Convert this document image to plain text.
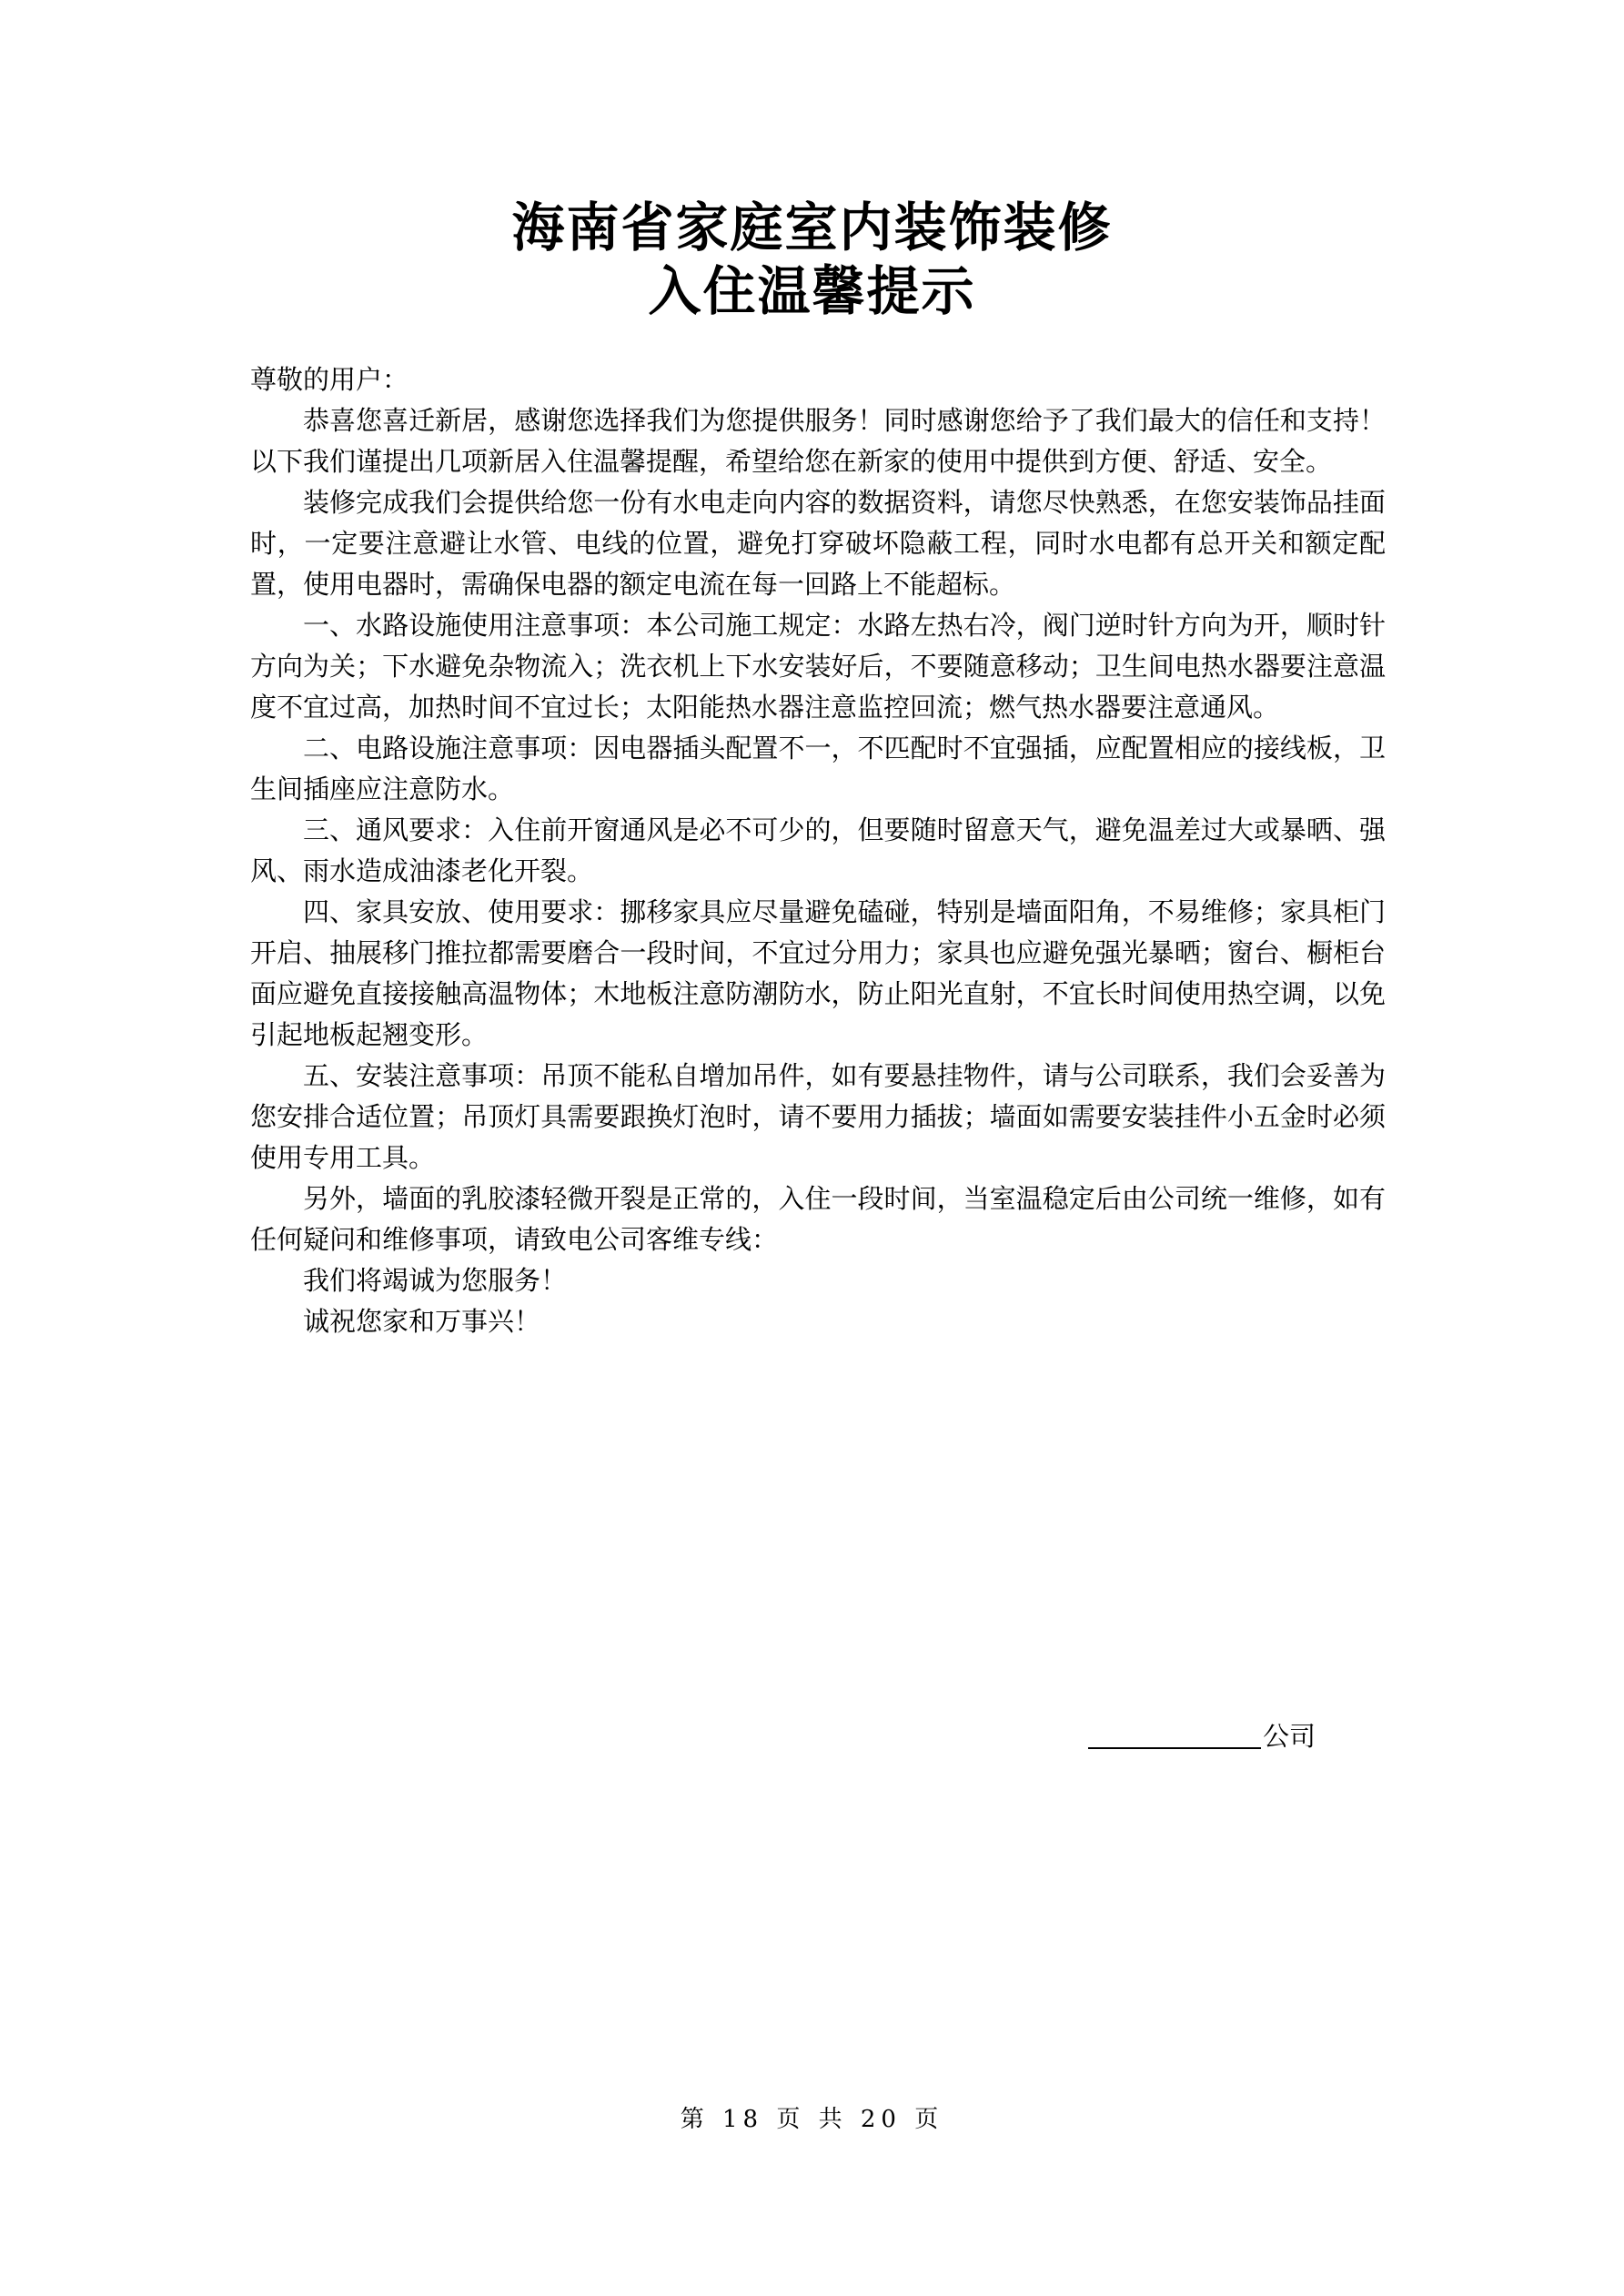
海南省家庭室内装饰装修
入住温馨提示

尊敬的用户：

恭喜您喜迁新居，感谢您选择我们为您提供服务！同时感谢您给予了我们最大的信任和支持！以下我们谨提出几项新居入住温馨提醒，希望给您在新家的使用中提供到方便、舒适、安全。

装修完成我们会提供给您一份有水电走向内容的数据资料，请您尽快熟悉，在您安装饰品挂面时，一定要注意避让水管、电线的位置，避免打穿破坏隐蔽工程，同时水电都有总开关和额定配置，使用电器时，需确保电器的额定电流在每一回路上不能超标。

一、水路设施使用注意事项：本公司施工规定：水路左热右冷，阀门逆时针方向为开，顺时针方向为关；下水避免杂物流入；洗衣机上下水安装好后，不要随意移动；卫生间电热水器要注意温度不宜过高，加热时间不宜过长；太阳能热水器注意监控回流；燃气热水器要注意通风。

二、电路设施注意事项：因电器插头配置不一，不匹配时不宜强插，应配置相应的接线板，卫生间插座应注意防水。

三、通风要求：入住前开窗通风是必不可少的，但要随时留意天气，避免温差过大或暴晒、强风、雨水造成油漆老化开裂。

四、家具安放、使用要求：挪移家具应尽量避免磕碰，特别是墙面阳角，不易维修；家具柜门开启、抽展移门推拉都需要磨合一段时间，不宜过分用力；家具也应避免强光暴晒；窗台、橱柜台面应避免直接接触高温物体；木地板注意防潮防水，防止阳光直射，不宜长时间使用热空调，以免引起地板起翘变形。

五、安装注意事项：吊顶不能私自增加吊件，如有要悬挂物件，请与公司联系，我们会妥善为您安排合适位置；吊顶灯具需要跟换灯泡时，请不要用力插拔；墙面如需要安装挂件小五金时必须使用专用工具。

另外，墙面的乳胶漆轻微开裂是正常的，入住一段时间，当室温稳定后由公司统一维修，如有任何疑问和维修事项，请致电公司客维专线：

我们将竭诚为您服务！

诚祝您家和万事兴！

公司
第 18 页 共 20 页
